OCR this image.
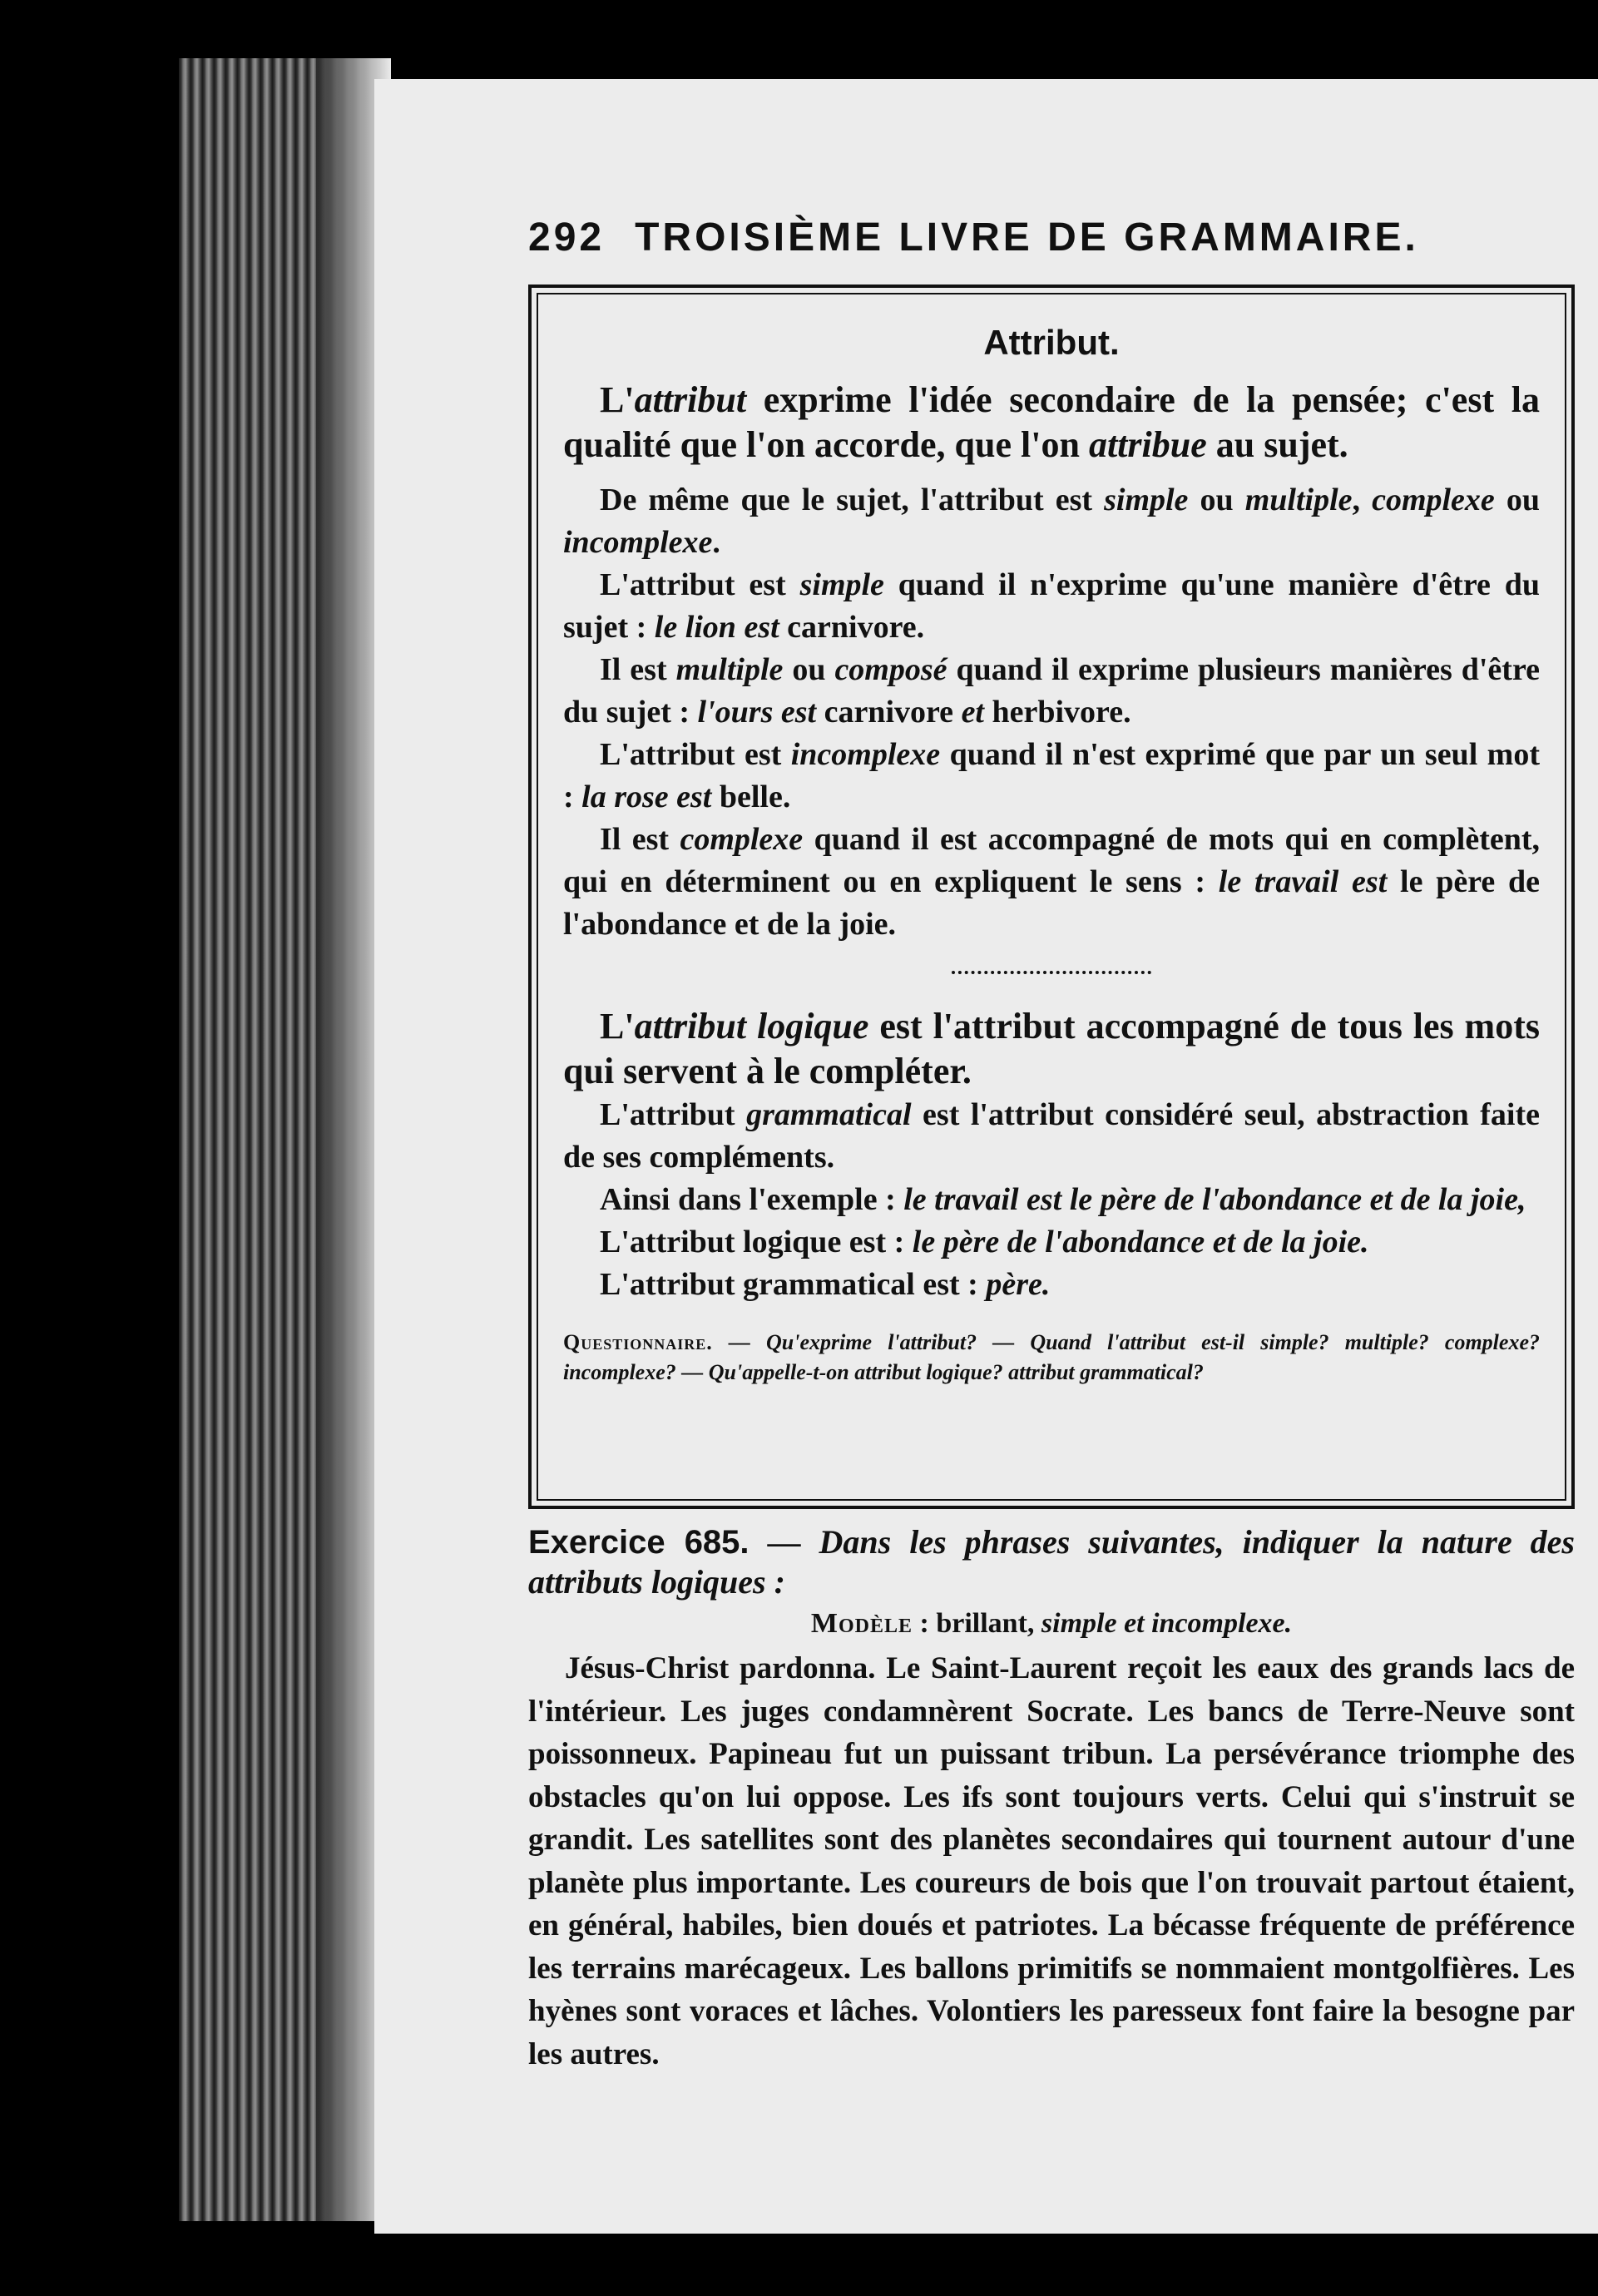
292 TROISIÈME LIVRE DE GRAMMAIRE.
Attribut.

L'attribut exprime l'idée secondaire de la pensée; c'est la qualité que l'on accorde, que l'on attribue au sujet.

De même que le sujet, l'attribut est simple ou multiple, complexe ou incomplexe.

L'attribut est simple quand il n'exprime qu'une manière d'être du sujet : le lion est carnivore.

Il est multiple ou composé quand il exprime plusieurs manières d'être du sujet : l'ours est carnivore et herbivore.

L'attribut est incomplexe quand il n'est exprimé que par un seul mot : la rose est belle.

Il est complexe quand il est accompagné de mots qui en complètent, qui en déterminent ou en expliquent le sens : le travail est le père de l'abondance et de la joie.

L'attribut logique est l'attribut accompagné de tous les mots qui servent à le compléter.

L'attribut grammatical est l'attribut considéré seul, abstraction faite de ses compléments.

Ainsi dans l'exemple : le travail est le père de l'abondance et de la joie,

L'attribut logique est : le père de l'abondance et de la joie.

L'attribut grammatical est : père.

Questionnaire. — Qu'exprime l'attribut? — Quand l'attribut est-il simple? multiple? complexe? incomplexe? — Qu'appelle-t-on attribut logique? attribut grammatical?

Exercice 685. — Dans les phrases suivantes, indiquer la nature des attributs logiques :

Modèle : brillant, simple et incomplexe.

Jésus-Christ pardonna. Le Saint-Laurent reçoit les eaux des grands lacs de l'intérieur. Les juges condamnèrent Socrate. Les bancs de Terre-Neuve sont poissonneux. Papineau fut un puissant tribun. La persévérance triomphe des obstacles qu'on lui oppose. Les ifs sont toujours verts. Celui qui s'instruit se grandit. Les satellites sont des planètes secondaires qui tournent autour d'une planète plus importante. Les coureurs de bois que l'on trouvait partout étaient, en général, habiles, bien doués et patriotes. La bécasse fréquente de préférence les terrains marécageux. Les ballons primitifs se nommaient montgolfières. Les hyènes sont voraces et lâches. Volontiers les paresseux font faire la besogne par les autres.
